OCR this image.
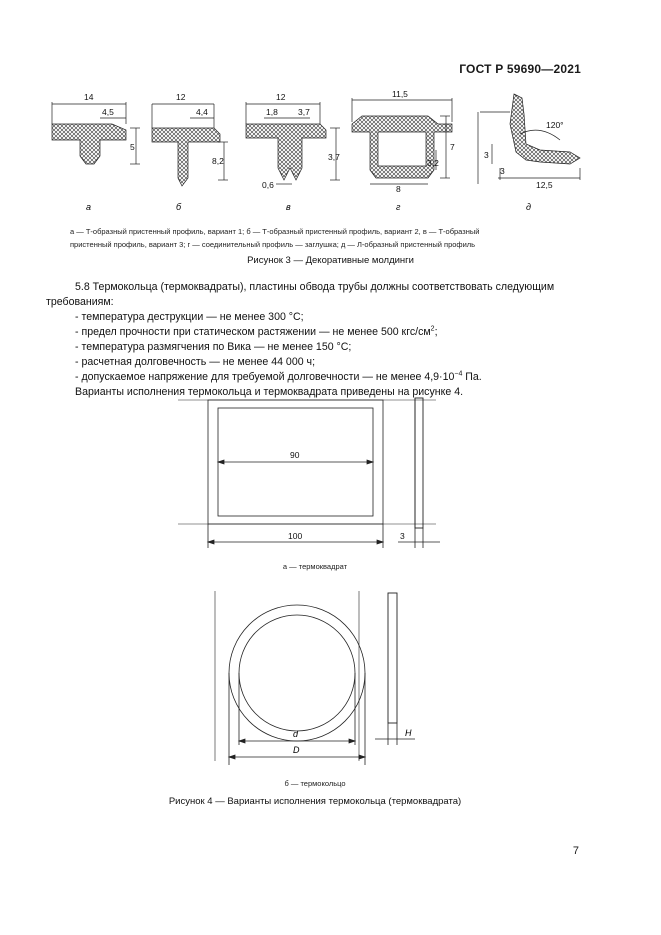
ГОСТ Р 59690—2021
14
4,5
5
12
4,4
8,2
12
1,8 3,7
3,7
0,6
11,5
7
3,2
8
120°
3
3
12,5
а	б	в	г	д
а — Т-образный пристенный профиль, вариант 1; б — Т-образный пристенный профиль, вариант 2, в — Т-образный
пристенный профиль, вариант 3; г — соединительный профиль — заглушка; д — Л-образный пристенный профиль
Рисунок 3 — Декоративные молдинги

5.8 Термокольца (термоквадраты), пластины обвода трубы должны соответствовать следующим

требованиям:

- температура деструкции — не менее 300 °С;

- предел прочности при статическом растяжении — не менее 500 кгс/$см^2$;

- температура размягчения по Вика — не менее 150 °С;

- расчетная долговечность — не менее 44 000 ч;

- допускаемое напряжение для требуемой долговечности — не менее $4,9\cdot 10^{-4}$ Па.

Варианты исполнения термокольца и термоквадрата приведены на рисунке 4.

90
100	3
а — термоквадрат
d
D
H
б — термокольцо
Рисунок 4 — Варианты исполнения термокольца (термоквадрата)
7
